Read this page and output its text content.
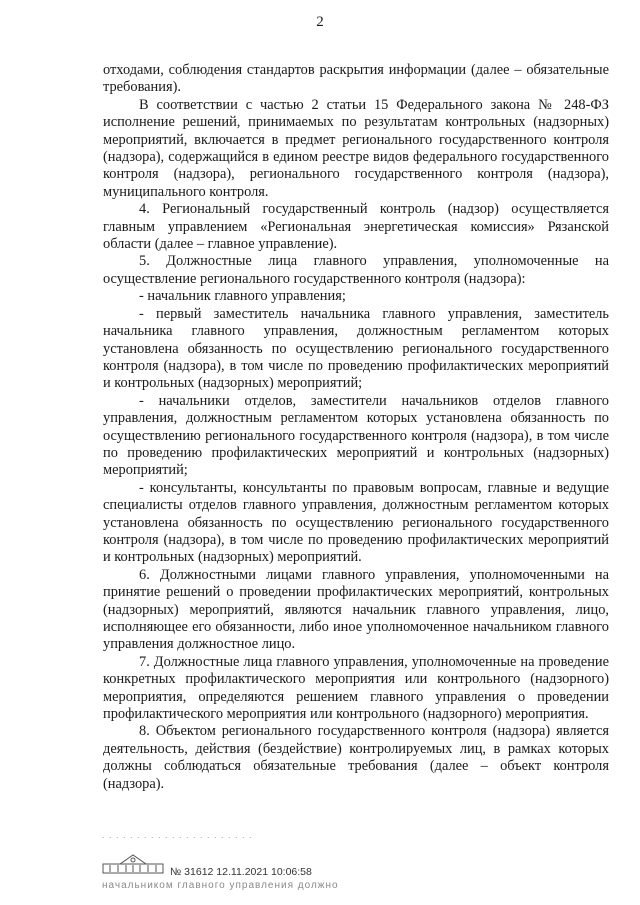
2

отходами, соблюдения стандартов раскрытия информации (далее – обязательные требования).

В соответствии с частью 2 статьи 15 Федерального закона № 248-ФЗ исполнение решений, принимаемых по результатам контрольных (надзорных) мероприятий, включается в предмет регионального государственного контроля (надзора), содержащийся в едином реестре видов федерального государственного контроля (надзора), регионального государственного контроля (надзора), муниципального контроля.

4. Региональный государственный контроль (надзор) осуществляется главным управлением «Региональная энергетическая комиссия» Рязанской области (далее – главное управление).

5. Должностные лица главного управления, уполномоченные на осуществление регионального государственного контроля (надзора):

- начальник главного управления;

- первый заместитель начальника главного управления, заместитель начальника главного управления, должностным регламентом которых установлена обязанность по осуществлению регионального государственного контроля (надзора), в том числе по проведению профилактических мероприятий и контрольных (надзорных) мероприятий;

- начальники отделов, заместители начальников отделов главного управления, должностным регламентом которых установлена обязанность по осуществлению регионального государственного контроля (надзора), в том числе по проведению профилактических мероприятий и контрольных (надзорных) мероприятий;

- консультанты, консультанты по правовым вопросам, главные и ведущие специалисты отделов главного управления, должностным регламентом которых установлена обязанность по осуществлению регионального государственного контроля (надзора), в том числе по проведению профилактических мероприятий и контрольных (надзорных) мероприятий.

6. Должностными лицами главного управления, уполномоченными на принятие решений о проведении профилактических мероприятий, контрольных (надзорных) мероприятий, являются начальник главного управления, лицо, исполняющее его обязанности, либо иное уполномоченное начальником главного управления должностное лицо.

7. Должностные лица главного управления, уполномоченные на проведение конкретных профилактического мероприятия или контрольного (надзорного) мероприятия, определяются решением главного управления о проведении профилактического мероприятия или контрольного (надзорного) мероприятия.

8. Объектом регионального государственного контроля (надзора) является деятельность, действия (бездействие) контролируемых лиц, в рамках которых должны соблюдаться обязательные требования (далее – объект контроля (надзора).

. . . . . . . . . . . . . . . . . . . . . .
№ 31612 12.11.2021 10:06:58
начальником главного управления должно
